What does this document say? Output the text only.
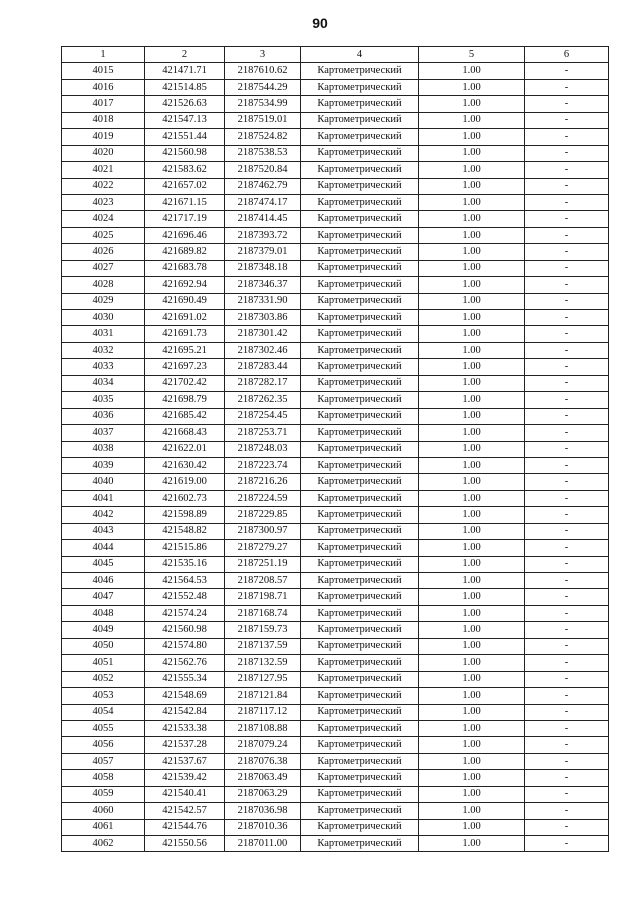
90
1	2	3	4	5	6
4015	421471.71	2187610.62	Картометрический	1.00	-
4016	421514.85	2187544.29	Картометрический	1.00	-
4017	421526.63	2187534.99	Картометрический	1.00	-
4018	421547.13	2187519.01	Картометрический	1.00	-
4019	421551.44	2187524.82	Картометрический	1.00	-
4020	421560.98	2187538.53	Картометрический	1.00	-
4021	421583.62	2187520.84	Картометрический	1.00	-
4022	421657.02	2187462.79	Картометрический	1.00	-
4023	421671.15	2187474.17	Картометрический	1.00	-
4024	421717.19	2187414.45	Картометрический	1.00	-
4025	421696.46	2187393.72	Картометрический	1.00	-
4026	421689.82	2187379.01	Картометрический	1.00	-
4027	421683.78	2187348.18	Картометрический	1.00	-
4028	421692.94	2187346.37	Картометрический	1.00	-
4029	421690.49	2187331.90	Картометрический	1.00	-
4030	421691.02	2187303.86	Картометрический	1.00	-
4031	421691.73	2187301.42	Картометрический	1.00	-
4032	421695.21	2187302.46	Картометрический	1.00	-
4033	421697.23	2187283.44	Картометрический	1.00	-
4034	421702.42	2187282.17	Картометрический	1.00	-
4035	421698.79	2187262.35	Картометрический	1.00	-
4036	421685.42	2187254.45	Картометрический	1.00	-
4037	421668.43	2187253.71	Картометрический	1.00	-
4038	421622.01	2187248.03	Картометрический	1.00	-
4039	421630.42	2187223.74	Картометрический	1.00	-
4040	421619.00	2187216.26	Картометрический	1.00	-
4041	421602.73	2187224.59	Картометрический	1.00	-
4042	421598.89	2187229.85	Картометрический	1.00	-
4043	421548.82	2187300.97	Картометрический	1.00	-
4044	421515.86	2187279.27	Картометрический	1.00	-
4045	421535.16	2187251.19	Картометрический	1.00	-
4046	421564.53	2187208.57	Картометрический	1.00	-
4047	421552.48	2187198.71	Картометрический	1.00	-
4048	421574.24	2187168.74	Картометрический	1.00	-
4049	421560.98	2187159.73	Картометрический	1.00	-
4050	421574.80	2187137.59	Картометрический	1.00	-
4051	421562.76	2187132.59	Картометрический	1.00	-
4052	421555.34	2187127.95	Картометрический	1.00	-
4053	421548.69	2187121.84	Картометрический	1.00	-
4054	421542.84	2187117.12	Картометрический	1.00	-
4055	421533.38	2187108.88	Картометрический	1.00	-
4056	421537.28	2187079.24	Картометрический	1.00	-
4057	421537.67	2187076.38	Картометрический	1.00	-
4058	421539.42	2187063.49	Картометрический	1.00	-
4059	421540.41	2187063.29	Картометрический	1.00	-
4060	421542.57	2187036.98	Картометрический	1.00	-
4061	421544.76	2187010.36	Картометрический	1.00	-
4062	421550.56	2187011.00	Картометрический	1.00	-
